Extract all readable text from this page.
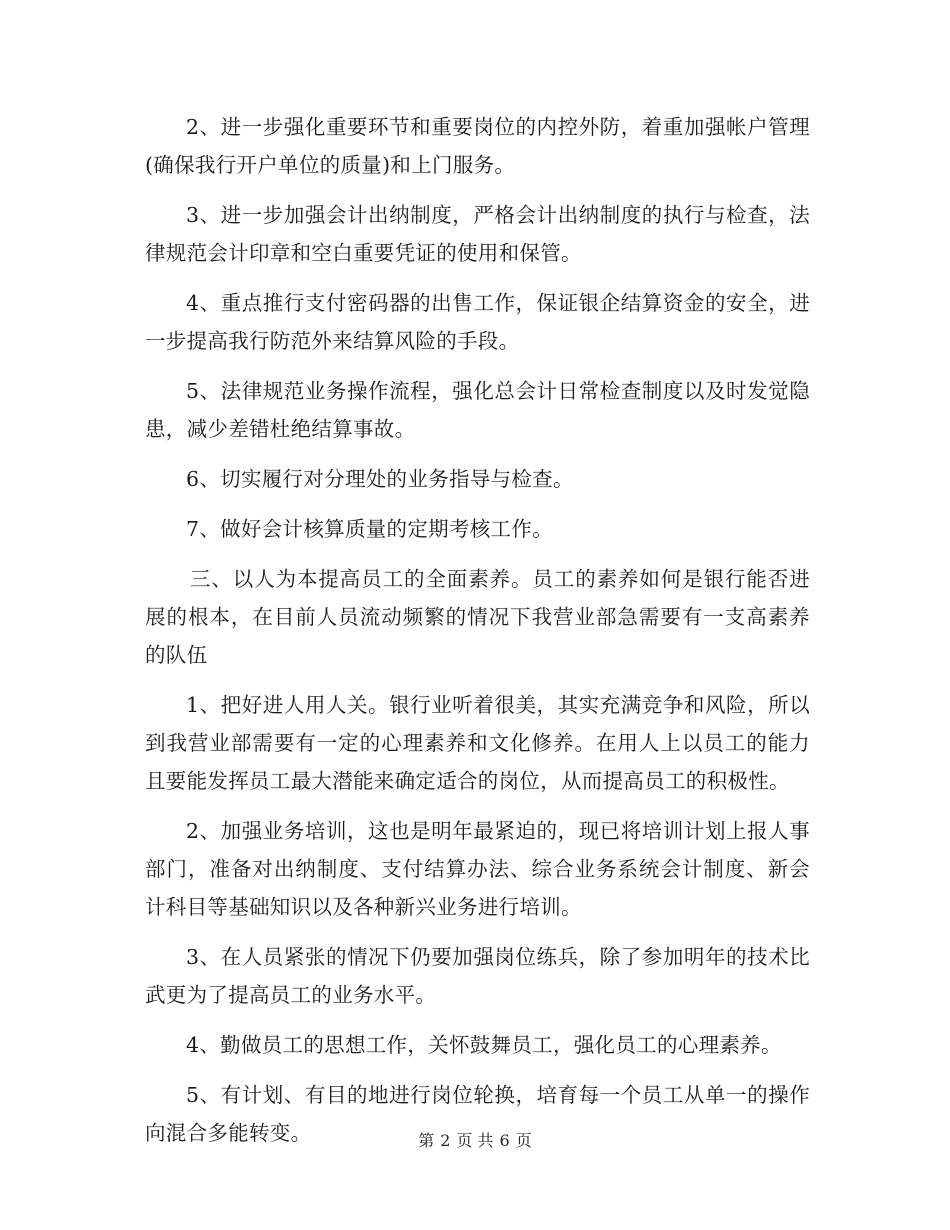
2、进一步强化重要环节和重要岗位的内控外防，着重加强帐户管理(确保我行开户单位的质量)和上门服务。

3、进一步加强会计出纳制度，严格会计出纳制度的执行与检查，法律规范会计印章和空白重要凭证的使用和保管。

4、重点推行支付密码器的出售工作，保证银企结算资金的安全，进一步提高我行防范外来结算风险的手段。

5、法律规范业务操作流程，强化总会计日常检查制度以及时发觉隐患，减少差错杜绝结算事故。

6、切实履行对分理处的业务指导与检查。

7、做好会计核算质量的定期考核工作。

三、以人为本提高员工的全面素养。员工的素养如何是银行能否进展的根本，在目前人员流动频繁的情况下我营业部急需要有一支高素养的队伍

1、把好进人用人关。银行业听着很美，其实充满竞争和风险，所以到我营业部需要有一定的心理素养和文化修养。在用人上以员工的能力且要能发挥员工最大潜能来确定适合的岗位，从而提高员工的积极性。

2、加强业务培训，这也是明年最紧迫的，现已将培训计划上报人事部门，准备对出纳制度、支付结算办法、综合业务系统会计制度、新会计科目等基础知识以及各种新兴业务进行培训。

3、在人员紧张的情况下仍要加强岗位练兵，除了参加明年的技术比武更为了提高员工的业务水平。

4、勤做员工的思想工作，关怀鼓舞员工，强化员工的心理素养。

5、有计划、有目的地进行岗位轮换，培育每一个员工从单一的操作向混合多能转变。	第 2 页 共 6 页
